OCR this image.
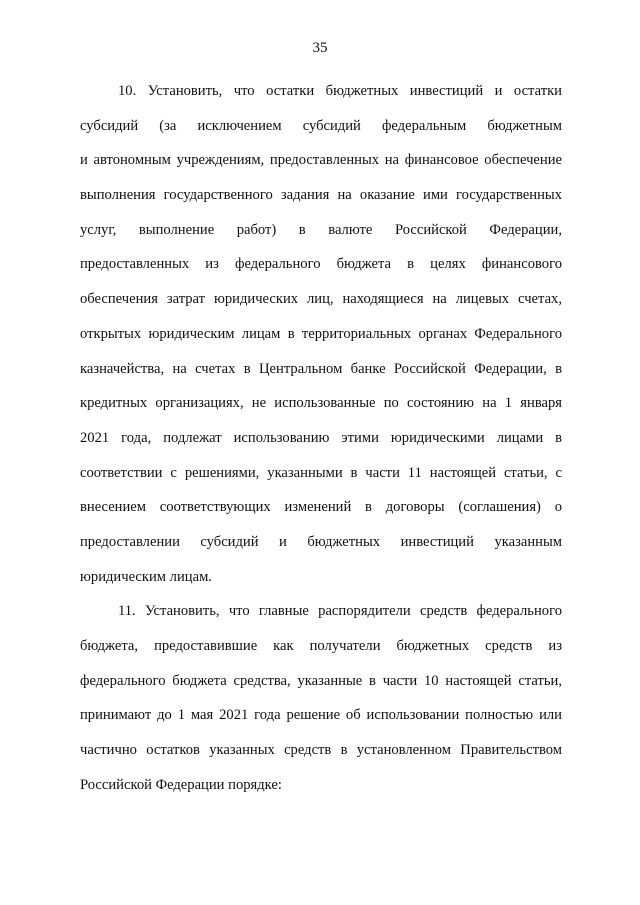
35
10. Установить, что остатки бюджетных инвестиций и остатки
субсидий (за исключением субсидий федеральным бюджетным
и автономным учреждениям, предоставленных на финансовое обеспечение
выполнения государственного задания на оказание ими государственных
услуг, выполнение работ) в валюте Российской Федерации,
предоставленных из федерального бюджета в целях финансового
обеспечения затрат юридических лиц, находящиеся на лицевых счетах,
открытых юридическим лицам в территориальных органах Федерального
казначейства, на счетах в Центральном банке Российской Федерации, в
кредитных организациях, не использованные по состоянию на 1 января
2021 года, подлежат использованию этими юридическими лицами в
соответствии с решениями, указанными в части 11 настоящей статьи, с
внесением соответствующих изменений в договоры (соглашения) о
предоставлении субсидий и бюджетных инвестиций указанным
юридическим лицам.
11. Установить, что главные распорядители средств федерального
бюджета, предоставившие как получатели бюджетных средств из
федерального бюджета средства, указанные в части 10 настоящей статьи,
принимают до 1 мая 2021 года решение об использовании полностью или
частично остатков указанных средств в установленном Правительством
Российской Федерации порядке:
